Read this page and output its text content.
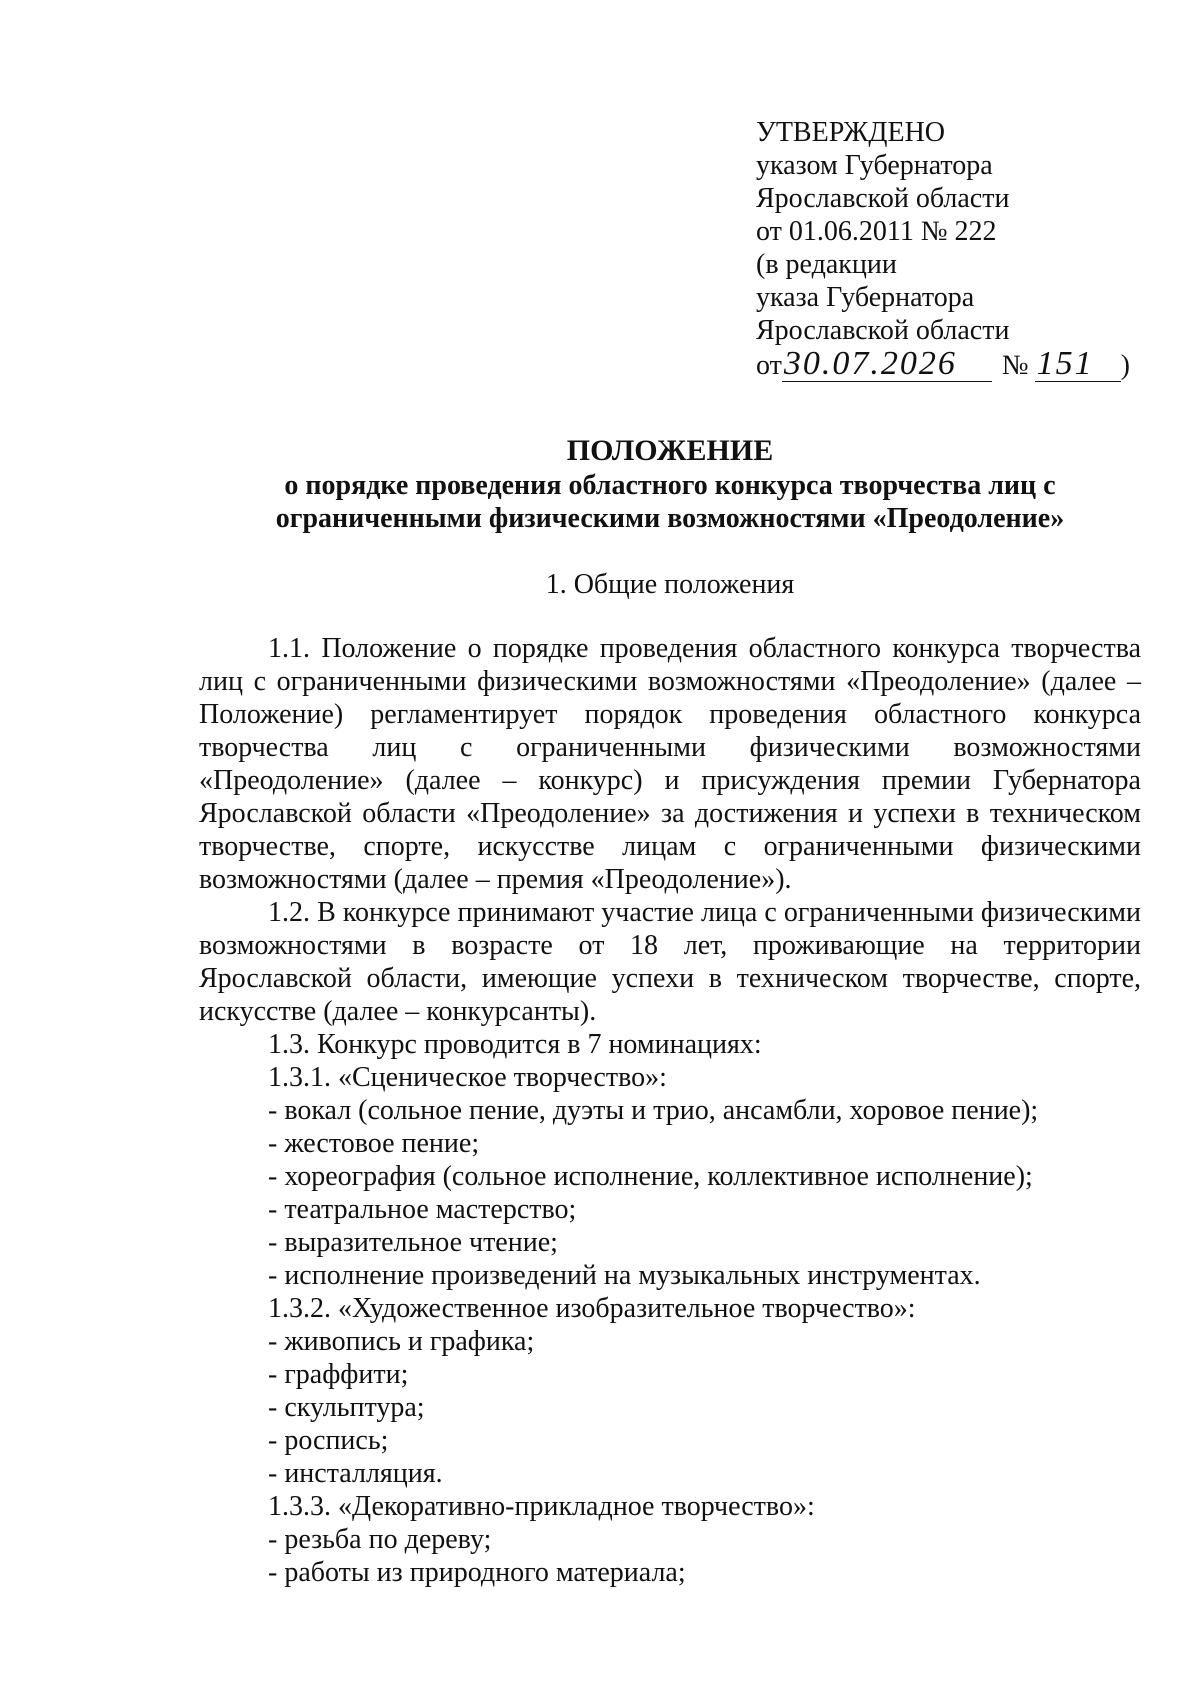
УТВЕРЖДЕНО
указом Губернатора
Ярославской области
от 01.06.2011 № 222
(в редакции
указа Губернатора
Ярославской области
от 30.07.2026	№ 151 )
ПОЛОЖЕНИЕ
о порядке проведения областного конкурса творчества лиц с
ограниченными физическими возможностями «Преодоление»
1. Общие положения

1.1. Положение о порядке проведения областного конкурса творчества лиц с ограниченными физическими возможностями «Преодоление» (далее – Положение) регламентирует порядок проведения областного конкурса творчества лиц с ограниченными физическими возможностями «Преодоление» (далее – конкурс) и присуждения премии Губернатора Ярославской области «Преодоление» за достижения и успехи в техническом творчестве, спорте, искусстве лицам с ограниченными физическими возможностями (далее – премия «Преодоление»).

1.2. В конкурсе принимают участие лица с ограниченными физическими возможностями в возрасте от 18 лет, проживающие на территории Ярославской области, имеющие успехи в техническом творчестве, спорте, искусстве (далее – конкурсанты).

1.3. Конкурс проводится в 7 номинациях:

1.3.1. «Сценическое творчество»:

- вокал (сольное пение, дуэты и трио, ансамбли, хоровое пение);

- жестовое пение;

- хореография (сольное исполнение, коллективное исполнение);

- театральное мастерство;

- выразительное чтение;

- исполнение произведений на музыкальных инструментах.

1.3.2. «Художественное изобразительное творчество»:

- живопись и графика;

- граффити;

- скульптура;

- роспись;

- инсталляция.

1.3.3. «Декоративно-прикладное творчество»:

- резьба по дереву;

- работы из природного материала;
